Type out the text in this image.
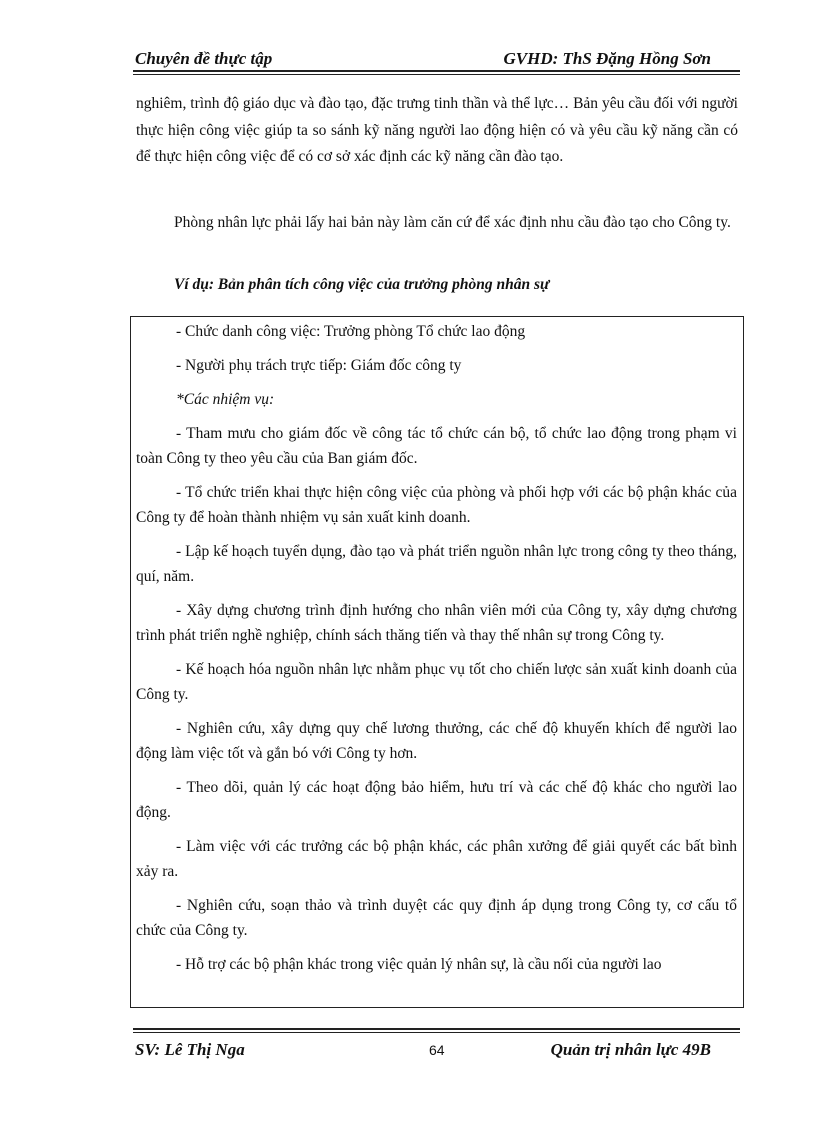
Chuyên đề thực tập	GVHD: ThS Đặng Hồng Sơn

nghiêm, trình độ giáo dục và đào tạo, đặc trưng tinh thần và thể lực… Bản yêu cầu đối với người thực hiện công việc giúp ta so sánh kỹ năng người lao động hiện có và yêu cầu kỹ năng cần có để thực hiện công việc để có cơ sở xác định các kỹ năng cần đào tạo.

Phòng nhân lực phải lấy hai bản này làm căn cứ để xác định nhu cầu đào tạo cho Công ty.

Ví dụ: Bản phân tích công việc của trưởng phòng nhân sự

- Chức danh công việc: Trưởng phòng Tổ chức lao động

- Người phụ trách trực tiếp: Giám đốc công ty

*Các nhiệm vụ:

- Tham mưu cho giám đốc về công tác tổ chức cán bộ, tổ chức lao động trong phạm vi toàn Công ty theo yêu cầu của Ban giám đốc.

- Tổ chức triển khai thực hiện công việc của phòng và phối hợp với các bộ phận khác của Công ty để hoàn thành nhiệm vụ sản xuất kinh doanh.

- Lập kế hoạch tuyển dụng, đào tạo và phát triển nguồn nhân lực trong công ty theo tháng, quí, năm.

- Xây dựng chương trình định hướng cho nhân viên mới của Công ty, xây dựng chương trình phát triển nghề nghiệp, chính sách thăng tiến và thay thế nhân sự trong Công ty.

- Kế hoạch hóa nguồn nhân lực nhằm phục vụ tốt cho chiến lược sản xuất kinh doanh của Công ty.

- Nghiên cứu, xây dựng quy chế lương thưởng, các chế độ khuyến khích để người lao động làm việc tốt và gắn bó với Công ty hơn.

- Theo dõi, quản lý các hoạt động bảo hiểm, hưu trí và các chế độ khác cho người lao động.

- Làm việc với các trưởng các bộ phận khác, các phân xưởng để giải quyết các bất bình xảy ra.

- Nghiên cứu, soạn thảo và trình duyệt các quy định áp dụng trong Công ty, cơ cấu tổ chức của Công ty.

- Hỗ trợ các bộ phận khác trong việc quản lý nhân sự, là cầu nối của người lao

SV: Lê Thị Nga	64	Quản trị nhân lực 49B
